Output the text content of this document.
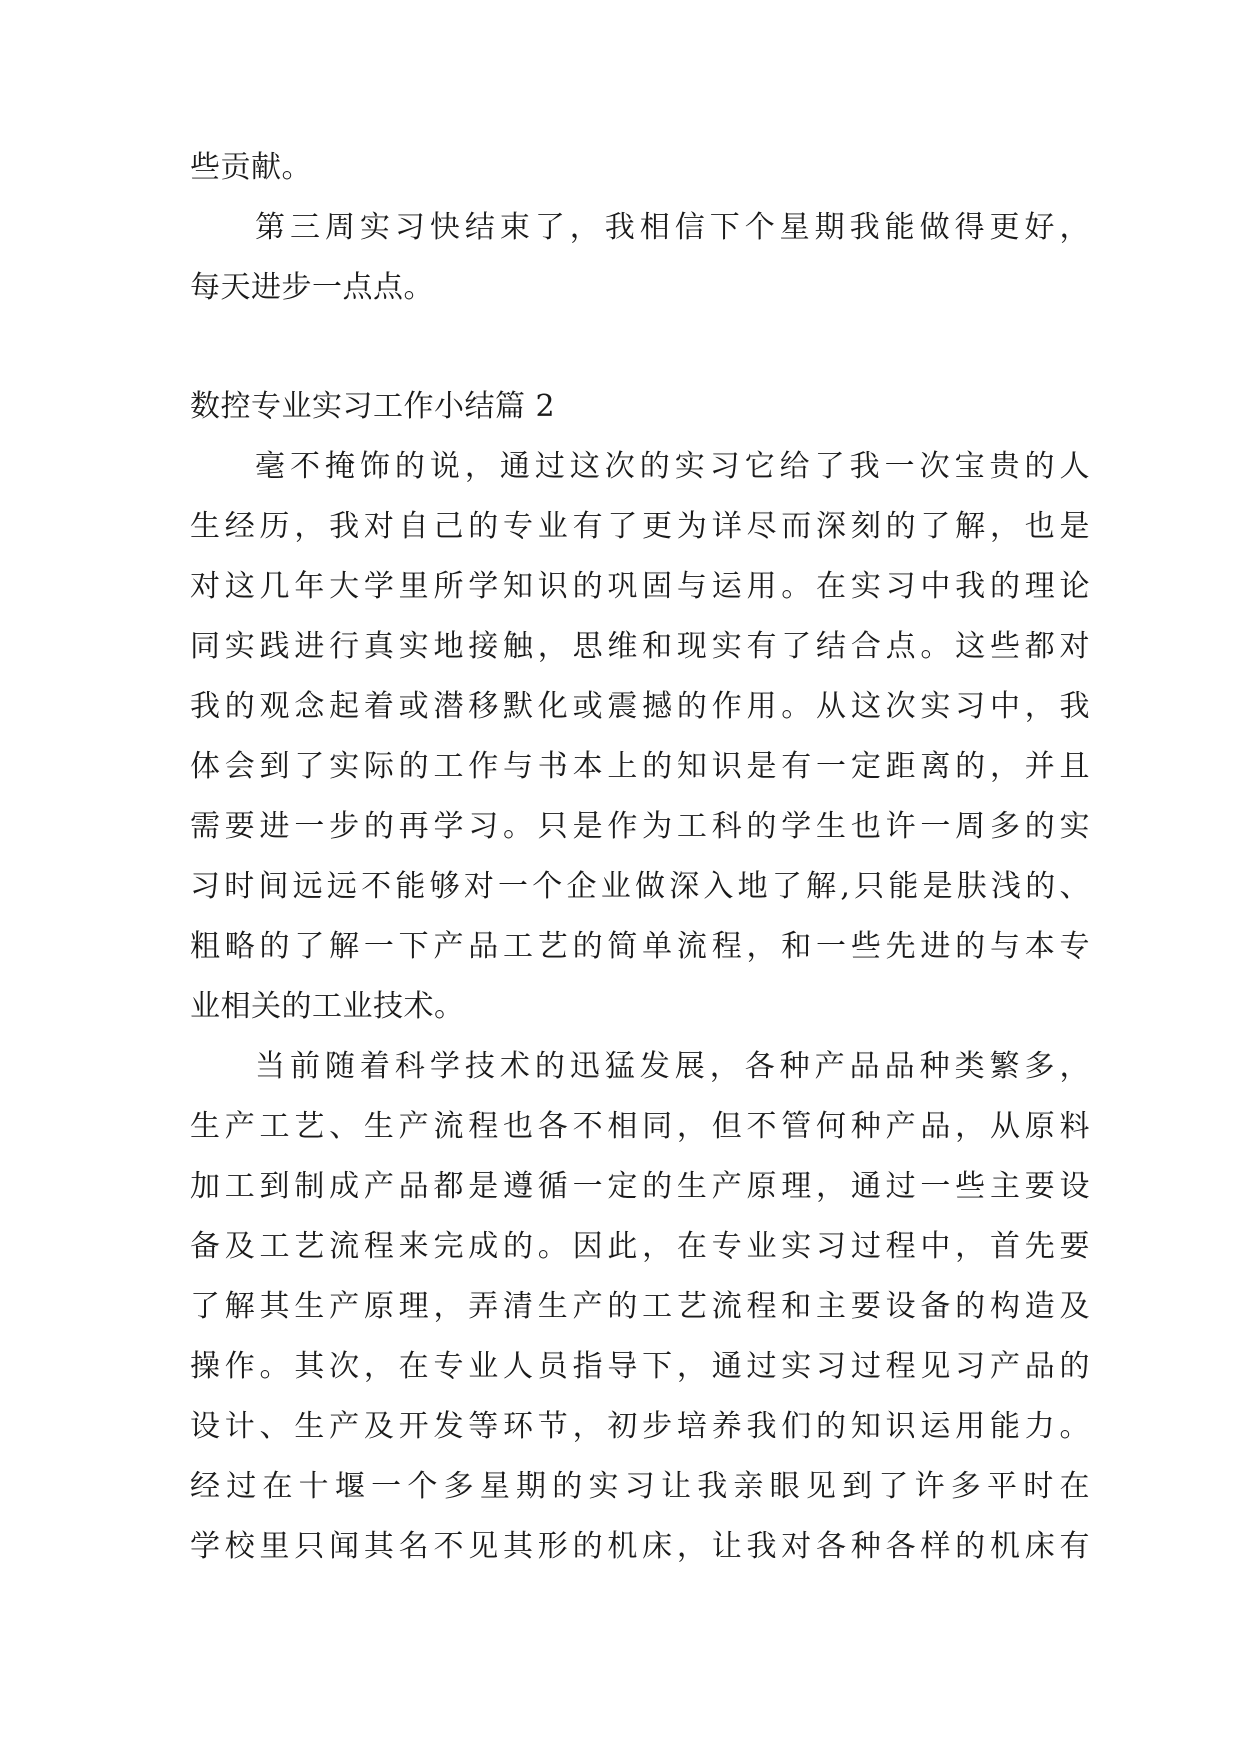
些贡献。
第三周实习快结束了，我相信下个星期我能做得更好，
每天进步一点点。
数控专业实习工作小结篇 2
毫不掩饰的说，通过这次的实习它给了我一次宝贵的人
生经历，我对自己的专业有了更为详尽而深刻的了解，也是
对这几年大学里所学知识的巩固与运用。在实习中我的理论
同实践进行真实地接触，思维和现实有了结合点。这些都对
我的观念起着或潜移默化或震撼的作用。从这次实习中，我
体会到了实际的工作与书本上的知识是有一定距离的，并且
需要进一步的再学习。只是作为工科的学生也许一周多的实
习时间远远不能够对一个企业做深入地了解,只能是肤浅的、
粗略的了解一下产品工艺的简单流程，和一些先进的与本专
业相关的工业技术。
当前随着科学技术的迅猛发展，各种产品品种类繁多，
生产工艺、生产流程也各不相同，但不管何种产品，从原料
加工到制成产品都是遵循一定的生产原理，通过一些主要设
备及工艺流程来完成的。因此，在专业实习过程中，首先要
了解其生产原理，弄清生产的工艺流程和主要设备的构造及
操作。其次，在专业人员指导下，通过实习过程见习产品的
设计、生产及开发等环节，初步培养我们的知识运用能力。
经过在十堰一个多星期的实习让我亲眼见到了许多平时在
学校里只闻其名不见其形的机床，让我对各种各样的机床有
